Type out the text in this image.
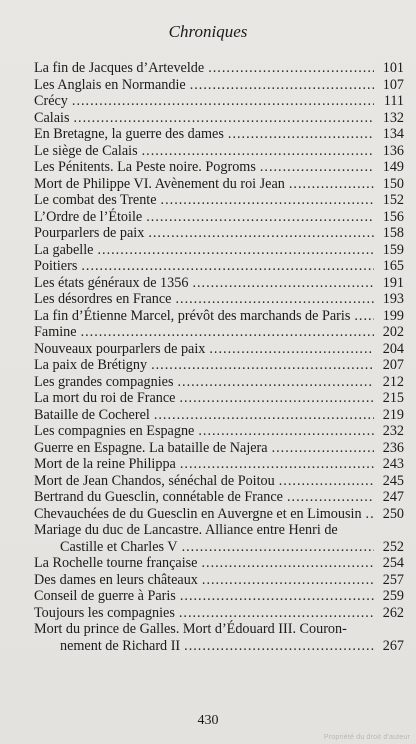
Chroniques
La fin de Jacques d’Artevelde .....	101
Les Anglais en Normandie .....	107
Crécy .....	111
Calais .....	132
En Bretagne, la guerre des dames .....	134
Le siège de Calais .....	136
Les Pénitents. La Peste noire. Pogroms .....	149
Mort de Philippe VI. Avènement du roi Jean .....	150
Le combat des Trente .....	152
L’Ordre de l’Étoile .....	156
Pourparlers de paix .....	158
La gabelle .....	159
Poitiers .....	165
Les états généraux de 1356 .....	191
Les désordres en France .....	193
La fin d’Étienne Marcel, prévôt des marchands de Paris .....	199
Famine .....	202
Nouveaux pourparlers de paix .....	204
La paix de Brétigny .....	207
Les grandes compagnies .....	212
La mort du roi de France .....	215
Bataille de Cocherel .....	219
Les compagnies en Espagne .....	232
Guerre en Espagne. La bataille de Najera .....	236
Mort de la reine Philippa .....	243
Mort de Jean Chandos, sénéchal de Poitou .....	245
Bertrand du Guesclin, connétable de France .....	247
Chevauchées de du Guesclin en Auvergne et en Limousin .....	250
Mariage du duc de Lancastre. Alliance entre Henri de
Castille et Charles V .....	252
La Rochelle tourne française .....	254
Des dames en leurs châteaux .....	257
Conseil de guerre à Paris .....	259
Toujours les compagnies .....	262
Mort du prince de Galles. Mort d’Édouard III. Couron-
nement de Richard II .....	267
430
Propriété du droit d'auteur
